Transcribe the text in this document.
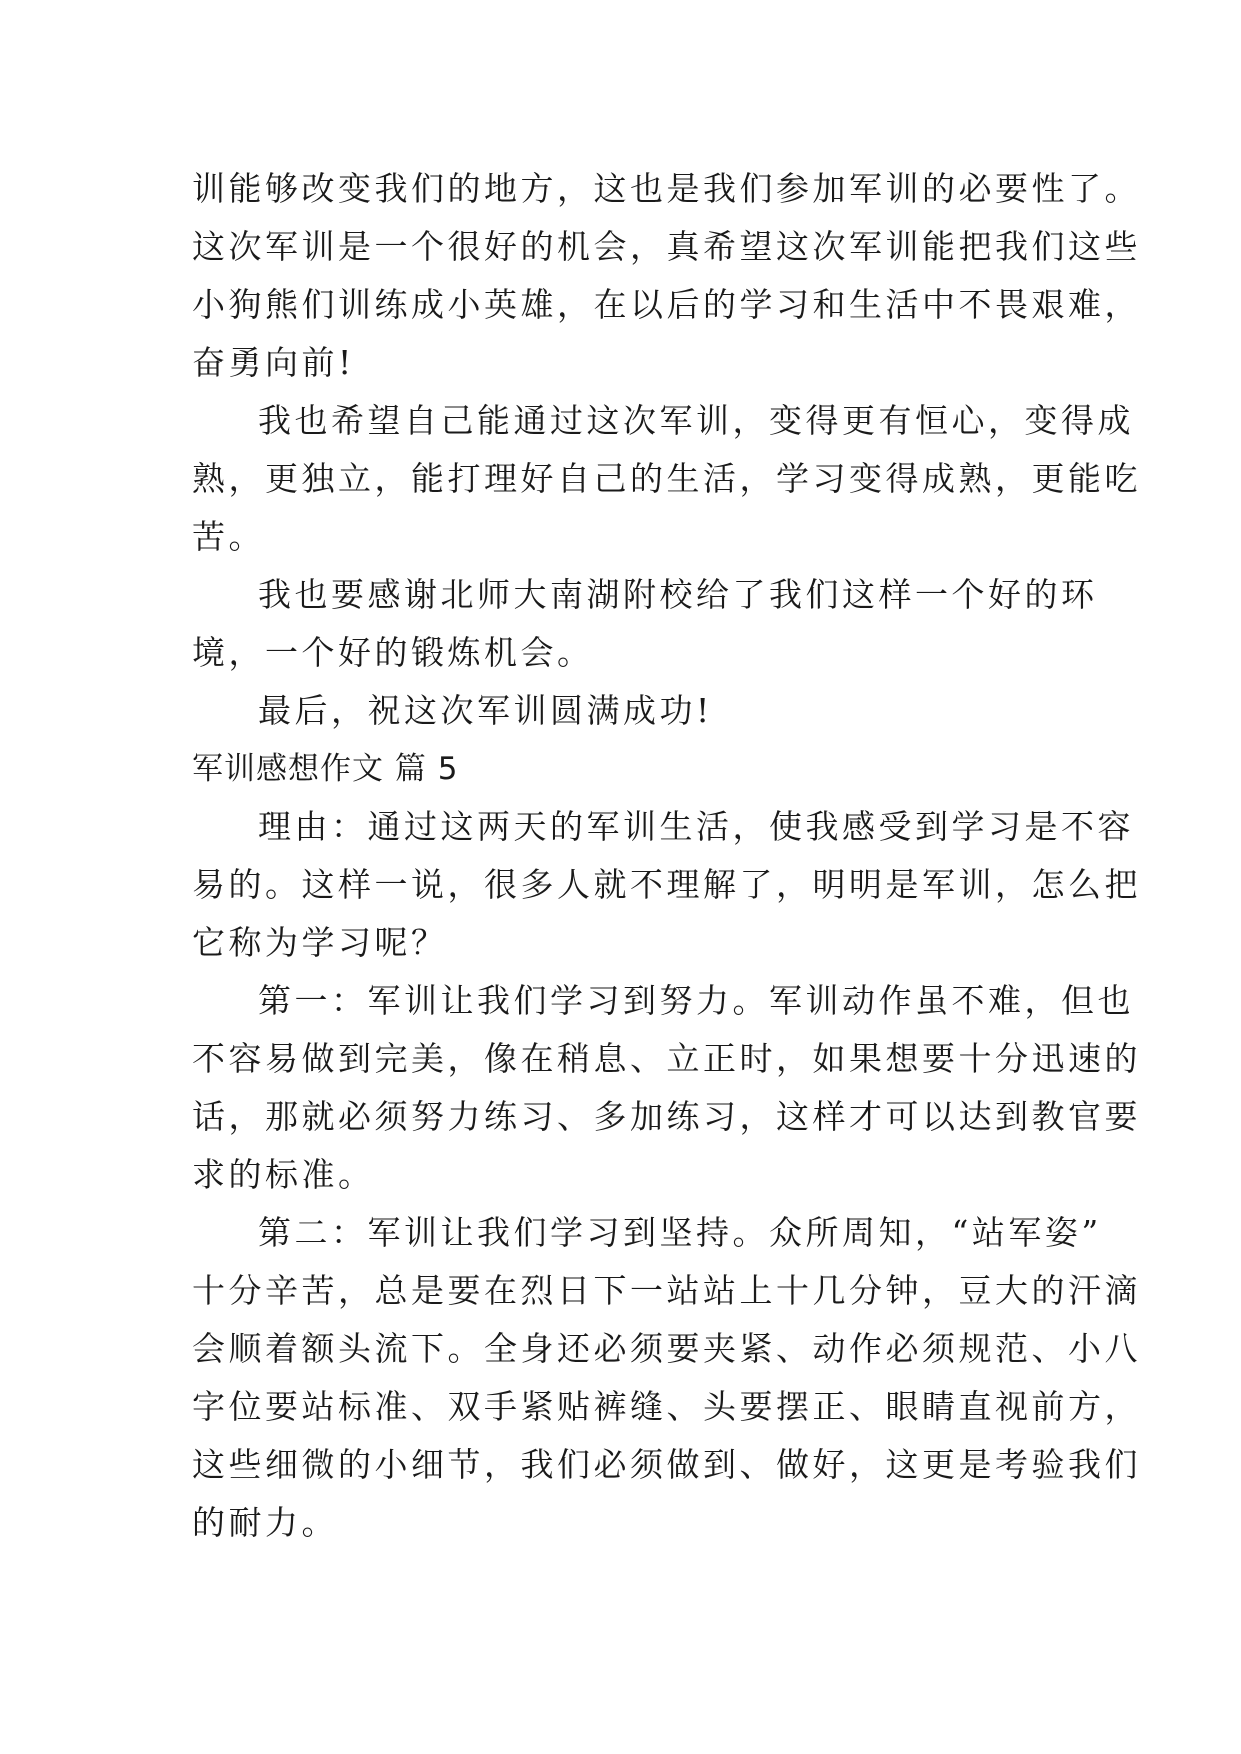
训能够改变我们的地方，这也是我们参加军训的必要性了。
这次军训是一个很好的机会，真希望这次军训能把我们这些
小狗熊们训练成小英雄，在以后的学习和生活中不畏艰难，
奋勇向前!
我也希望自己能通过这次军训，变得更有恒心，变得成
熟，更独立，能打理好自己的生活，学习变得成熟，更能吃
苦。
我也要感谢北师大南湖附校给了我们这样一个好的环
境，一个好的锻炼机会。
最后，祝这次军训圆满成功!
军训感想作文 篇 5
理由：通过这两天的军训生活，使我感受到学习是不容
易的。这样一说，很多人就不理解了，明明是军训，怎么把
它称为学习呢？
第一：军训让我们学习到努力。军训动作虽不难，但也
不容易做到完美，像在稍息、立正时，如果想要十分迅速的
话，那就必须努力练习、多加练习，这样才可以达到教官要
求的标准。
第二：军训让我们学习到坚持。众所周知，“站军姿”
十分辛苦，总是要在烈日下一站站上十几分钟，豆大的汗滴
会顺着额头流下。全身还必须要夹紧、动作必须规范、小八
字位要站标准、双手紧贴裤缝、头要摆正、眼睛直视前方，
这些细微的小细节，我们必须做到、做好，这更是考验我们
的耐力。
